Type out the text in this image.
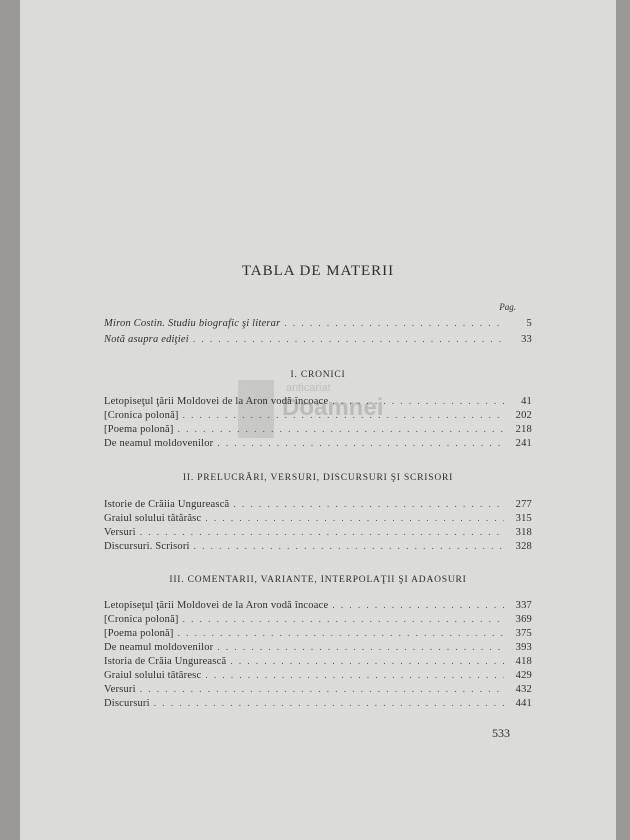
anticariat
Doamnei
TABLA DE MATERII
Pag.
Miron Costin. Studiu biografic şi literar . . .	5
Notă asupra ediţiei . . .	33
I. CRONICI
Letopiseţul ţării Moldovei de la Aron vodă încoace . . .	41
[Cronica polonă] . . .	202
[Poema polonă] . . .	218
De neamul moldovenilor . . .	241
II. PRELUCRĂRI, VERSURI, DISCURSURI ŞI SCRISORI
Istorie de Crăiia Ungurească . . .	277
Graiul solului tătărăsc . . .	315
Versuri . . .	318
Discursuri. Scrisori . . .	328
III. COMENTARII, VARIANTE, INTERPOLAŢII ŞI ADAOSURI
Letopiseţul ţării Moldovei de la Aron vodă încoace . . .	337
[Cronica polonă] . . .	369
[Poema polonă] . . .	375
De neamul moldovenilor . . .	393
Istoria de Crăia Ungurească . . .	418
Graiul solului tătăresc . . .	429
Versuri . . .	432
Discursuri . . .	441
533
